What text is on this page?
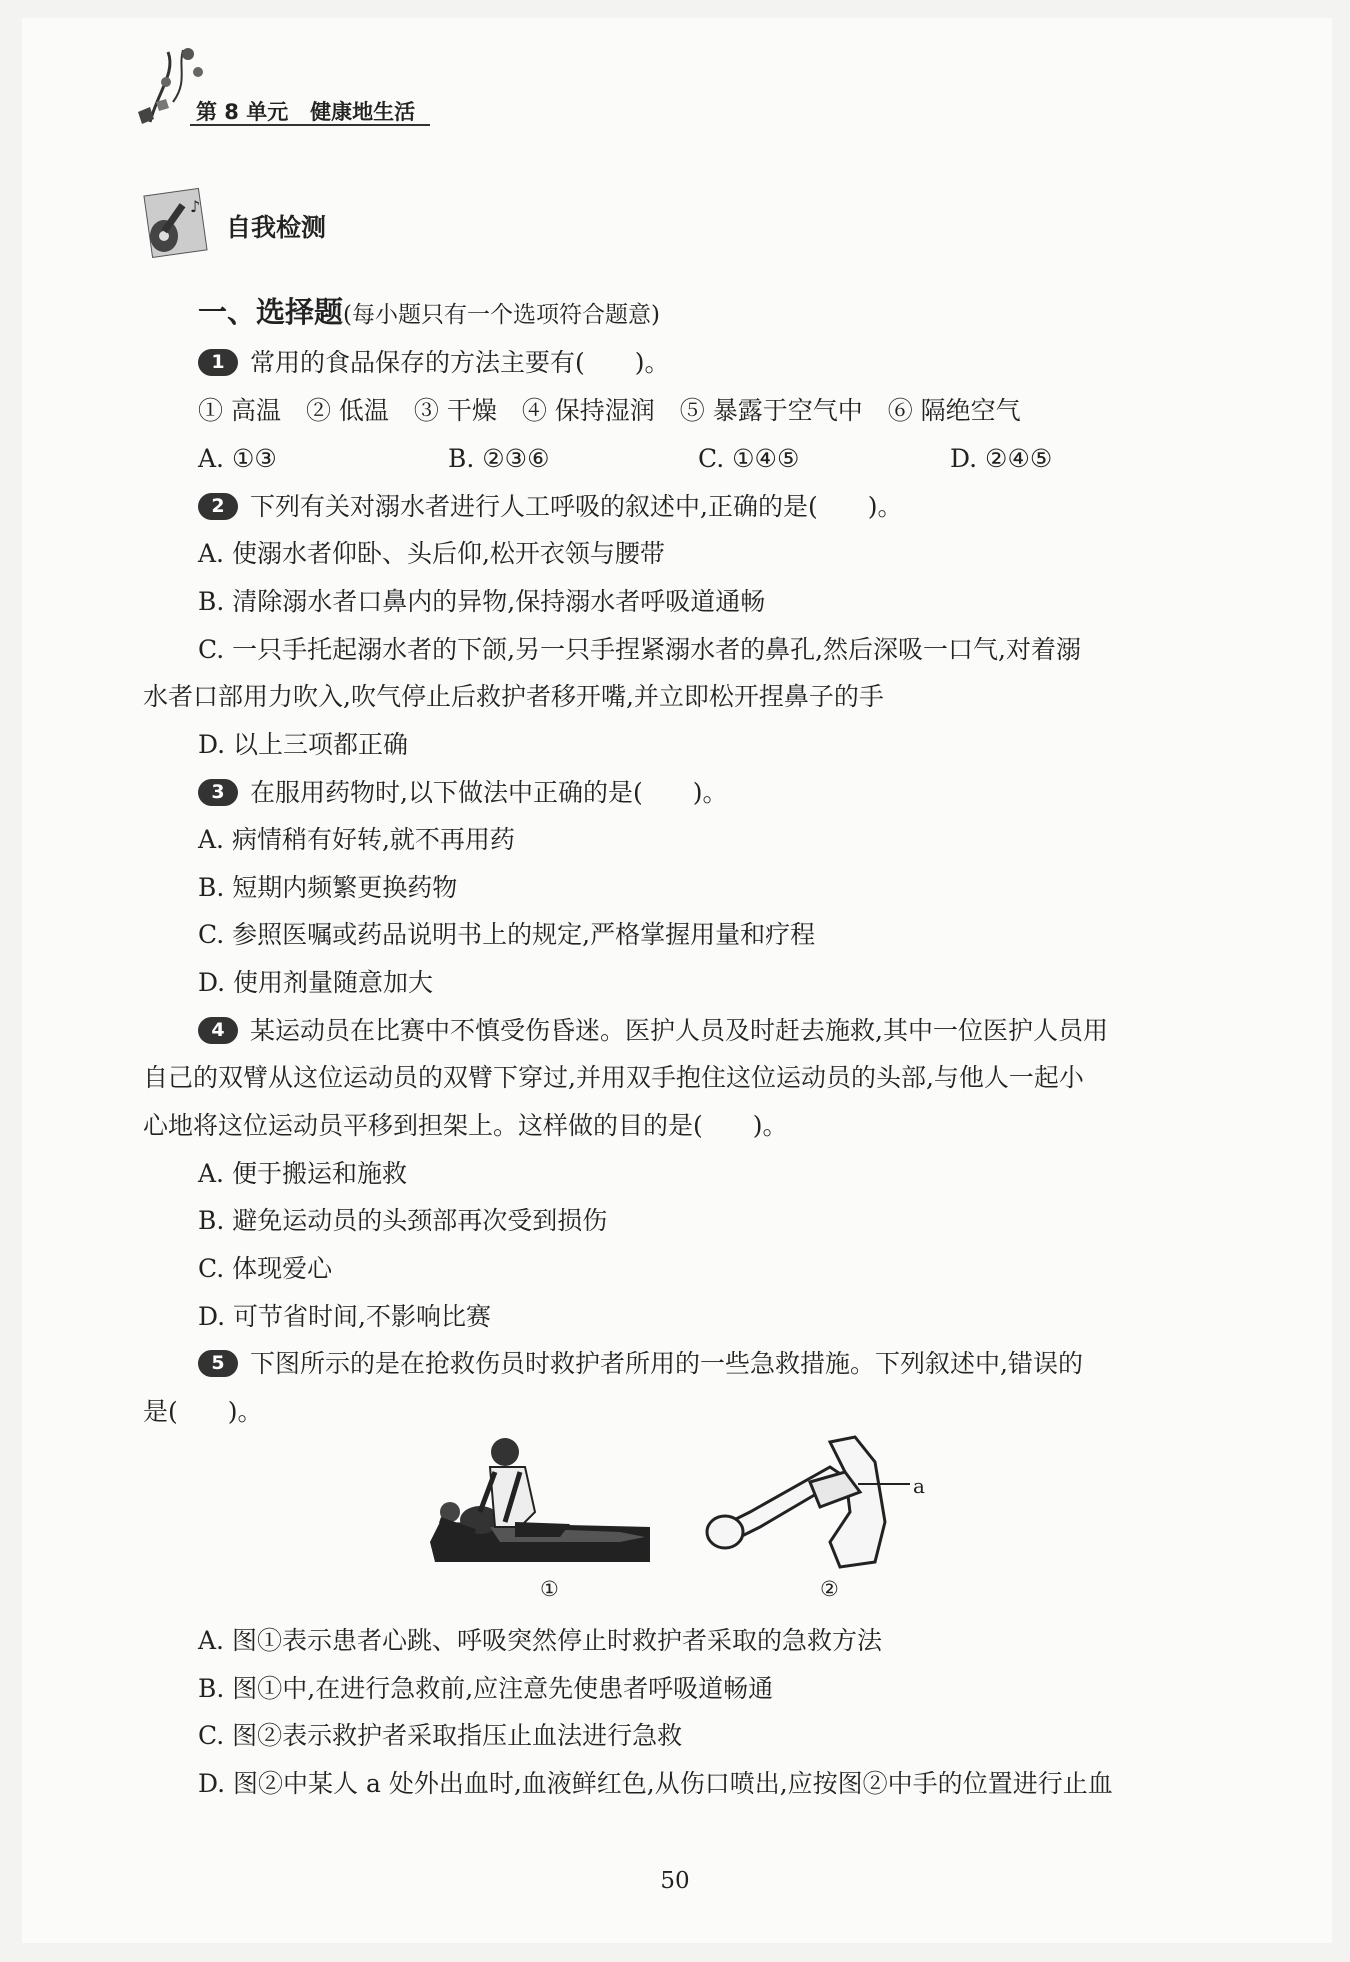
第 8 单元 健康地生活
♪
自我检测
一、选择题(每小题只有一个选项符合题意)
1 常用的食品保存的方法主要有(　　)。
① 高温　② 低温　③ 干燥　④ 保持湿润　⑤ 暴露于空气中　⑥ 隔绝空气
A. ①③	B. ②③⑥	C. ①④⑤	D. ②④⑤
2 下列有关对溺水者进行人工呼吸的叙述中,正确的是(　　)。
A. 使溺水者仰卧、头后仰,松开衣领与腰带
B. 清除溺水者口鼻内的异物,保持溺水者呼吸道通畅
C. 一只手托起溺水者的下颌,另一只手捏紧溺水者的鼻孔,然后深吸一口气,对着溺
水者口部用力吹入,吹气停止后救护者移开嘴,并立即松开捏鼻子的手
D. 以上三项都正确
3 在服用药物时,以下做法中正确的是(　　)。
A. 病情稍有好转,就不再用药
B. 短期内频繁更换药物
C. 参照医嘱或药品说明书上的规定,严格掌握用量和疗程
D. 使用剂量随意加大
4 某运动员在比赛中不慎受伤昏迷。医护人员及时赶去施救,其中一位医护人员用
自己的双臂从这位运动员的双臂下穿过,并用双手抱住这位运动员的头部,与他人一起小
心地将这位运动员平移到担架上。这样做的目的是(　　)。
A. 便于搬运和施救
B. 避免运动员的头颈部再次受到损伤
C. 体现爱心
D. 可节省时间,不影响比赛
5 下图所示的是在抢救伤员时救护者所用的一些急救措施。下列叙述中,错误的
是(　　)。
①
a
②
A. 图①表示患者心跳、呼吸突然停止时救护者采取的急救方法
B. 图①中,在进行急救前,应注意先使患者呼吸道畅通
C. 图②表示救护者采取指压止血法进行急救
D. 图②中某人 a 处外出血时,血液鲜红色,从伤口喷出,应按图②中手的位置进行止血
50
